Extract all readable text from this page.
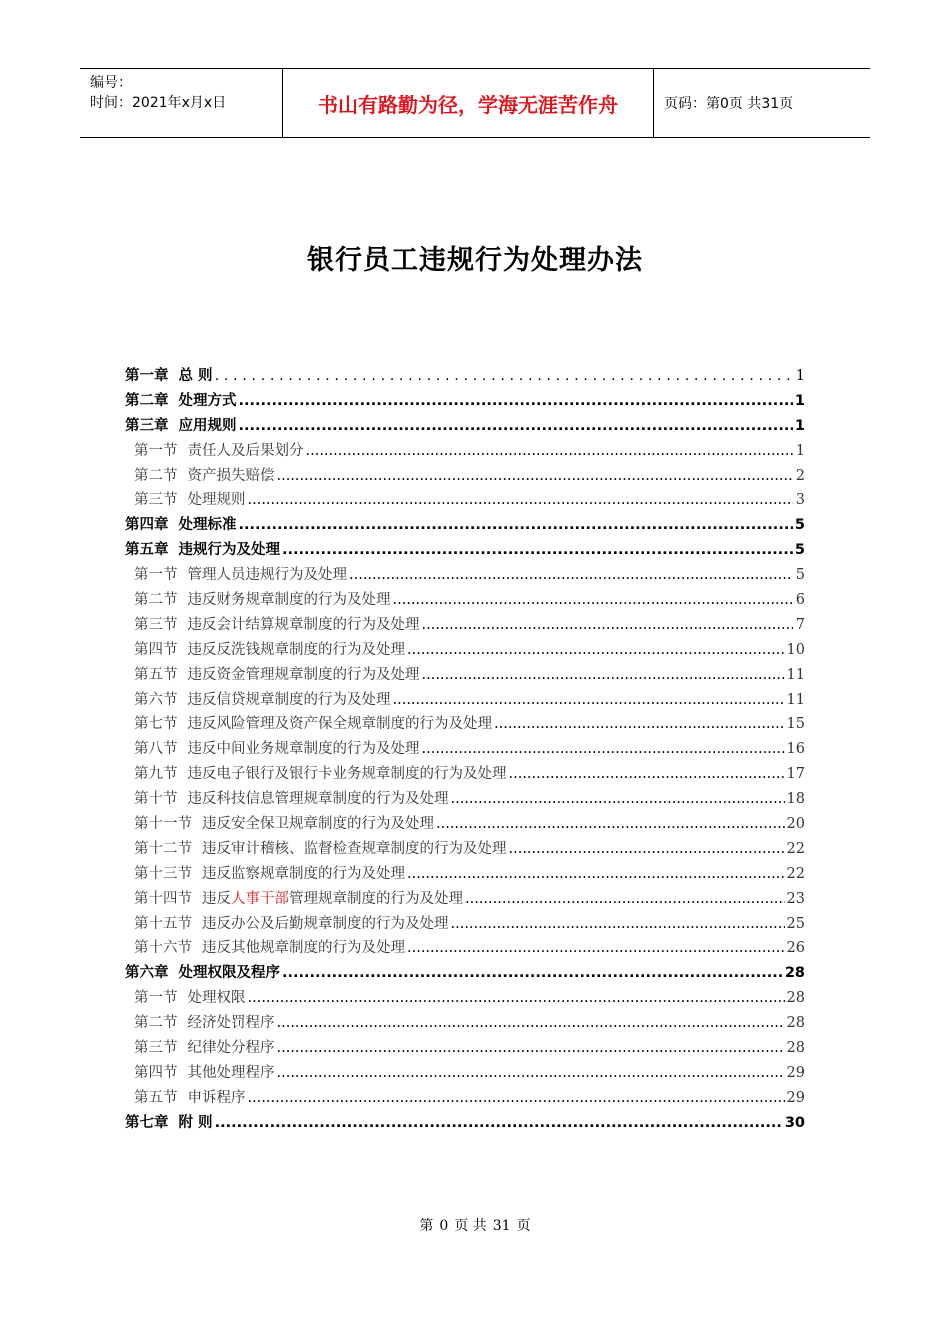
编号：
时间：2021年x月x日	书山有路勤为径，学海无涯苦作舟	页码：第0页 共31页
银行员工违规行为处理办法
第一章 总 则 . . .	1
第二章 处理方式 .....	1
第三章 应用规则 .....	1
第一节 责任人及后果划分 .....	1
第二节 资产损失赔偿 .....	2
第三节 处理规则 .....	3
第四章 处理标准 .....	5
第五章 违规行为及处理 .....	5
第一节 管理人员违规行为及处理 .....	5
第二节 违反财务规章制度的行为及处理 .....	6
第三节 违反会计结算规章制度的行为及处理 .....	7
第四节 违反反洗钱规章制度的行为及处理 .....	10
第五节 违反资金管理规章制度的行为及处理 .....	11
第六节 违反信贷规章制度的行为及处理 .....	11
第七节 违反风险管理及资产保全规章制度的行为及处理 .....	15
第八节 违反中间业务规章制度的行为及处理 .....	16
第九节 违反电子银行及银行卡业务规章制度的行为及处理 .....	17
第十节 违反科技信息管理规章制度的行为及处理 .....	18
第十一节 违反安全保卫规章制度的行为及处理 .....	20
第十二节 违反审计稽核、监督检查规章制度的行为及处理 .....	22
第十三节 违反监察规章制度的行为及处理 .....	22
第十四节 违反人事干部管理规章制度的行为及处理 .....	23
第十五节 违反办公及后勤规章制度的行为及处理 .....	25
第十六节 违反其他规章制度的行为及处理 .....	26
第六章 处理权限及程序 .....	28
第一节 处理权限 .....	28
第二节 经济处罚程序 .....	28
第三节 纪律处分程序 .....	28
第四节 其他处理程序 .....	29
第五节 申诉程序 .....	29
第七章 附 则 .....	30
第 0 页 共 31 页
